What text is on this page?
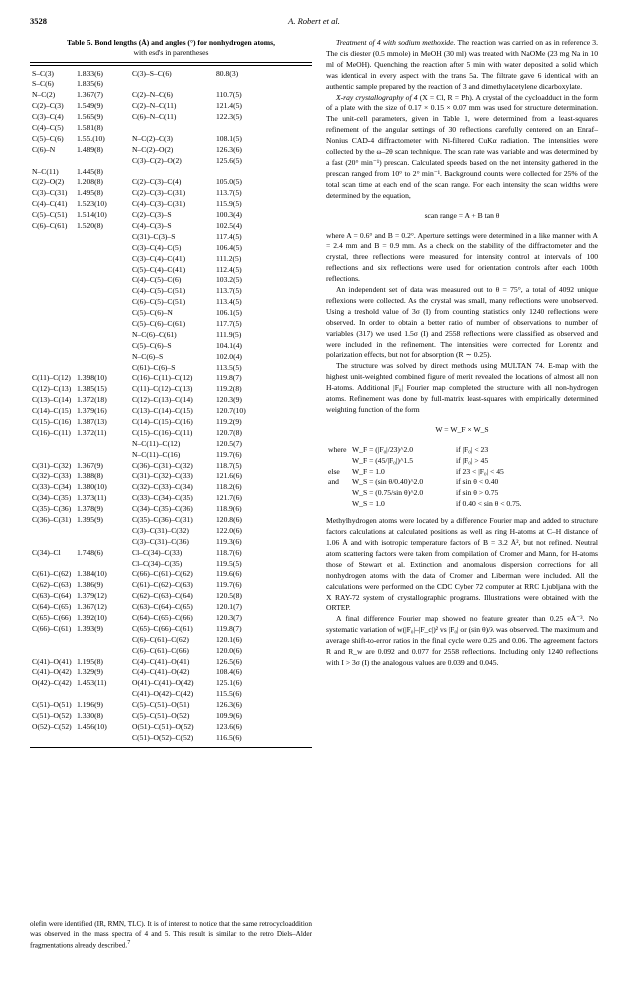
3528	A. Robert et al.
Table 5. Bond lengths (Å) and angles (°) for nonhydrogen atoms,
with esd's in parentheses
S–C(3)	1.833(6)	C(3)–S–C(6)	80.8(3)
S–C(6)	1.835(6)
N–C(2)	1.367(7)	C(2)–N–C(6)	110.7(5)
C(2)–C(3) 1.549(9)	C(2)–N–C(11)	121.4(5)
C(3)–C(4) 1.565(9)	C(6)–N–C(11)	122.3(5)
C(4)–C(5) 1.581(8)
C(5)–C(6) 1.55.(10)	N–C(2)–C(3)	108.1(5)
C(6)–N	1.489(8)	N–C(2)–O(2)	126.3(6)
C(3)–C(2)–O(2)	125.6(5)
N–C(11) 1.445(8)
C(2)–O(2) 1.208(8)	C(2)–C(3)–C(4)	105.0(5)
C(3)–C(31) 1.495(8)	C(2)–C(3)–C(31)	113.7(5)
C(4)–C(41) 1.523(10)	C(4)–C(3)–C(31)	115.9(5)
C(5)–C(51) 1.514(10)	C(2)–C(3)–S	100.3(4)
C(6)–C(61) 1.520(8)	C(4)–C(3)–S	102.5(4)
C(31)–C(3)–S	117.4(5)
C(3)–C(4)–C(5)	106.4(5)
C(3)–C(4)–C(41)	111.2(5)
C(5)–C(4)–C(41)	112.4(5)
C(4)–C(5)–C(6)	103.2(5)
C(4)–C(5)–C(51)	113.7(5)
C(6)–C(5)–C(51)	113.4(5)
C(5)–C(6)–N	106.1(5)
C(5)–C(6)–C(61)	117.7(5)
N–C(6)–C(61)	111.9(5)
C(5)–C(6)–S	104.1(4)
N–C(6)–S	102.0(4)
C(61)–C(6)–S	113.5(5)
C(11)–C(12) 1.398(10)	C(16)–C(11)–C(12)	119.8(7)
C(12)–C(13) 1.385(15)	C(11)–C(12)–C(13)	119.2(8)
C(13)–C(14) 1.372(18)	C(12)–C(13)–C(14)	120.3(9)
C(14)–C(15) 1.379(16)	C(13)–C(14)–C(15)	120.7(10)
C(15)–C(16) 1.387(13)	C(14)–C(15)–C(16)	119.2(9)
C(16)–C(11) 1.372(11)	C(15)–C(16)–C(11)	120.7(8)
N–C(11)–C(12)	120.5(7)
N–C(11)–C(16)	119.7(6)
C(31)–C(32) 1.367(9)	C(36)–C(31)–C(32)	118.7(5)
C(32)–C(33) 1.388(8)	C(31)–C(32)–C(33)	121.6(6)
C(33)–C(34) 1.380(10)	C(32)–C(33)–C(34)	118.2(6)
C(34)–C(35) 1.373(11)	C(33)–C(34)–C(35)	121.7(6)
C(35)–C(36) 1.378(9)	C(34)–C(35)–C(36)	118.9(6)
C(36)–C(31) 1.395(9)	C(35)–C(36)–C(31)	120.8(6)
C(3)–C(31)–C(32)	122.0(6)
C(3)–C(31)–C(36)	119.3(6)
C(34)–Cl 1.748(6)	Cl–C(34)–C(33)	118.7(6)
Cl–C(34)–C(35)	119.5(5)
C(61)–C(62) 1.384(10)	C(66)–C(61)–C(62)	119.6(6)
C(62)–C(63) 1.386(9)	C(61)–C(62)–C(63)	119.7(6)
C(63)–C(64) 1.379(12)	C(62)–C(63)–C(64)	120.5(8)
C(64)–C(65) 1.367(12)	C(63)–C(64)–C(65)	120.1(7)
C(65)–C(66) 1.392(10)	C(64)–C(65)–C(66)	120.3(7)
C(66)–C(61) 1.393(9)	C(65)–C(66)–C(61)	119.8(7)
C(6)–C(61)–C(62)	120.1(6)
C(6)–C(61)–C(66)	120.0(6)
C(41)–O(41) 1.195(8)	C(4)–C(41)–O(41)	126.5(6)
C(41)–O(42) 1.329(9)	C(4)–C(41)–O(42)	108.4(6)
O(42)–C(42) 1.453(11)	O(41)–C(41)–O(42)	125.1(6)
C(41)–O(42)–C(42)	115.5(6)
C(51)–O(51) 1.196(9)	C(5)–C(51)–O(51)	126.3(6)
C(51)–O(52) 1.330(8)	C(5)–C(51)–O(52)	109.9(6)
O(52)–C(52) 1.456(10)	O(51)–C(51)–O(52)	123.6(6)
C(51)–O(52)–C(52)	116.5(6)
olefin were identified (IR, RMN, TLC). It is of interest to notice that the same retrocycloaddition was observed in the mass spectra of 4 and 5. This result is similar to the retro Diels–Alder fragmentations already described.$^7$

Treatment of 4 with sodium methoxide. The reaction was carried on as in reference 3. The cis diester (0.5 mmole) in MeOH (30 ml) was treated with NaOMe (23 mg Na in 10 ml of MeOH). Quenching the reaction after 5 min with water deposited a solid which was identical in every aspect with the trans 5a. The filtrate gave 6 identical with an authentic sample prepared by the reaction of 3 and dimethylacetylene dicarboxylate.

X-ray crystallography of 4 (X = Cl, R = Ph). A crystal of the cycloadduct in the form of a plate with the size of 0.17 × 0.15 × 0.07 mm was used for structure determination. The unit-cell parameters, given in Table 1, were determined from a least-squares refinement of the angular settings of 30 reflections carefully centered on an Enraf–Nonius CAD-4 diffractometer with Ni-filtered CuKα radiation. The intensities were collected by the ω–2θ scan technique. The scan rate was variable and was determined by a fast (20° min⁻¹) prescan. Calculated speeds based on the net intensity gathered in the prescan ranged from 10° to 2° min⁻¹. Background counts were collected for 25% of the total scan time at each end of the scan range. For each intensity the scan widths were determined by the equation,

scan range = A + B tan θ

where A = 0.6° and B = 0.2°. Aperture settings were determined in a like manner with A = 2.4 mm and B = 0.9 mm. As a check on the stability of the diffractometer and the crystal, three reflections were measured for intensity control at intervals of 100 reflections and six reflections were used for orientation controls after each 100th reflections.

An independent set of data was measured out to θ = 75°, a total of 4092 unique reflexions were collected. As the crystal was small, many reflections were unobserved. Using a treshold value of 3σ (I) from counting statistics only 1240 reflections were observed. In order to obtain a better ratio of number of observations to number of variables (317) we used 1.5σ (I) and 2558 reflections were classified as observed and were included in the refinement. The intensities were corrected for Lorentz and polarization effects, but not for absorption (R ∼ 0.25).

The structure was solved by direct methods using MULTAN 74. E-map with the highest unit-weighted combined figure of merit revealed the locations of almost all non H-atoms. Additional |F₀| Fourier map completed the structure with all non-hydrogen atoms. Refinement was done by full-matrix least-squares with empirically determined weighting function of the form

W = W_F × W_S

where W_F = (|F₀|/23)^2.0	if |F₀| < 23
W_F = (45/|F₀|)^1.5	if |F₀| > 45
else W_F = 1.0	if 23 < |F₀| < 45
and W_S = (sin θ/0.40)^2.0	if sin θ < 0.40
W_S = (0.75/sin θ)^2.0	if sin θ > 0.75
W_S = 1.0	if 0.40 < sin θ < 0.75.

Methylhydrogen atoms were located by a difference Fourier map and added to structure factors calculations at calculated positions as well as ring H-atoms at C–H distance of 1.06 Å and with isotropic temperature factors of B = 3.2 Å², but not refined. Neutral atom scattering factors were taken from compilation of Cromer and Mann, for H-atoms those of Stewart et al. Extinction and anomalous dispersion corrections for all nonhydrogen atoms with the data of Cromer and Liberman were included. All the calculations were performed on the CDC Cyber 72 computer at RRC Ljubljana with the X RAY-72 system of crystallographic programs. Illustrations were obtained with the ORTEP.

A final difference Fourier map showed no feature greater than 0.25 eÅ⁻³. No systematic variation of w(|F₀|–|F_c|)² vs |F₀| or (sin θ)/λ was observed. The maximum and average shift-to-error ratios in the final cycle were 0.25 and 0.06. The agreement factors R and R_w are 0.092 and 0.077 for 2558 reflections. Including only 1240 reflections with I > 3σ (I) the analogous values are 0.039 and 0.045.
